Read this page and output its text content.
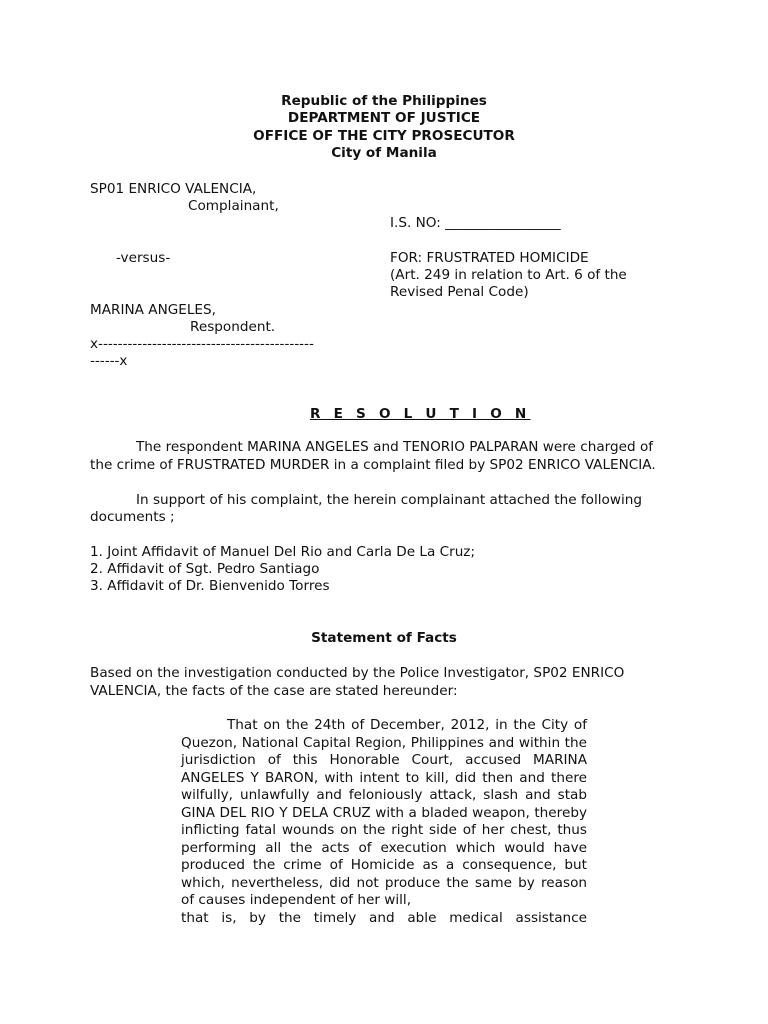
Republic of the Philippines

DEPARTMENT OF JUSTICE

OFFICE OF THE CITY PROSECUTOR

City of Manila

SP01 ENRICO VALENCIA,

Complainant,

-versus-

MARINA ANGELES,

Respondent.

x--------------------------------------------

------x

I.S. NO: _________________

FOR: FRUSTRATED HOMICIDE

(Art. 249 in relation to Art. 6 of the

Revised Penal Code)

R E S O L U T I O N

The respondent MARINA ANGELES and TENORIO PALPARAN were charged of

the crime of FRUSTRATED MURDER in a complaint filed by SP02 ENRICO VALENCIA.

In support of his complaint, the herein complainant attached the following

documents ;

1. Joint Affidavit of Manuel Del Rio and Carla De La Cruz;

2. Affidavit of Sgt. Pedro Santiago

3. Affidavit of Dr. Bienvenido Torres

Statement of Facts

Based on the investigation conducted by the Police Investigator, SP02 ENRICO

VALENCIA, the facts of the case are stated hereunder:

That on the 24th of December, 2012, in the City of Quezon, National Capital Region, Philippines and within the jurisdiction of this Honorable Court, accused MARINA ANGELES Y BARON, with intent to kill, did then and there wilfully, unlawfully and feloniously attack, slash and stab GINA DEL RIO Y DELA CRUZ with a bladed weapon, thereby inflicting fatal wounds on the right side of her chest, thus performing all the acts of execution which would have produced the crime of Homicide as a consequence, but which, nevertheless, did not produce the same by reason of causes independent of her will,
that is, by the timely and able medical assistance
